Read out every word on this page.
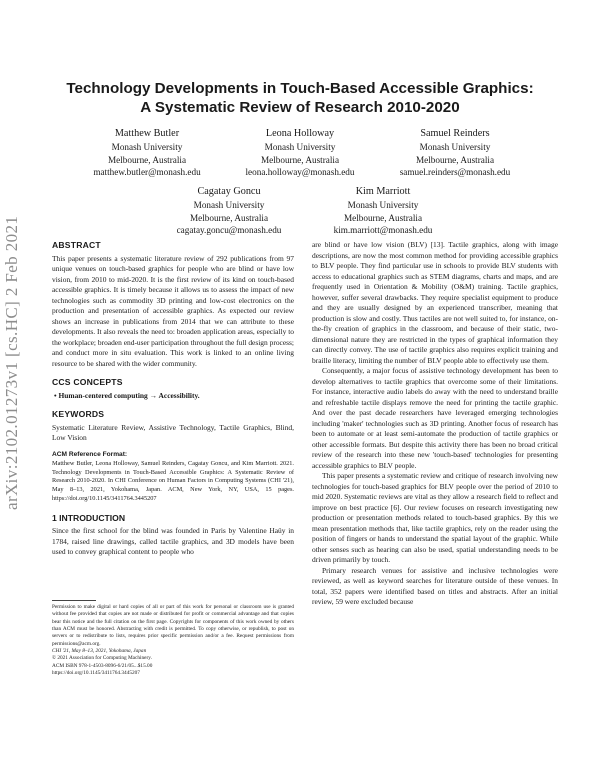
arXiv:2102.01273v1 [cs.HC] 2 Feb 2021
Technology Developments in Touch-Based Accessible Graphics: A Systematic Review of Research 2010-2020
Matthew Butler
Monash University
Melbourne, Australia
matthew.butler@monash.edu
Leona Holloway
Monash University
Melbourne, Australia
leona.holloway@monash.edu
Samuel Reinders
Monash University
Melbourne, Australia
samuel.reinders@monash.edu
Cagatay Goncu
Monash University
Melbourne, Australia
cagatay.goncu@monash.edu
Kim Marriott
Monash University
Melbourne, Australia
kim.marriott@monash.edu
ABSTRACT

This paper presents a systematic literature review of 292 publications from 97 unique venues on touch-based graphics for people who are blind or have low vision, from 2010 to mid-2020. It is the first review of its kind on touch-based accessible graphics. It is timely because it allows us to assess the impact of new technologies such as commodity 3D printing and low-cost electronics on the production and presentation of accessible graphics. As expected our review shows an increase in publications from 2014 that we can attribute to these developments. It also reveals the need to: broaden application areas, especially to the workplace; broaden end-user participation throughout the full design process; and conduct more in situ evaluation. This work is linked to an online living resource to be shared with the wider community.

CCS CONCEPTS

• Human-centered computing → Accessibility.

KEYWORDS

Systematic Literature Review, Assistive Technology, Tactile Graphics, Blind, Low Vision

ACM Reference Format:

Matthew Butler, Leona Holloway, Samuel Reinders, Cagatay Goncu, and Kim Marriott. 2021. Technology Developments in Touch-Based Accessible Graphics: A Systematic Review of Research 2010-2020. In CHI Conference on Human Factors in Computing Systems (CHI '21), May 8–13, 2021, Yokohama, Japan. ACM, New York, NY, USA, 15 pages. https://doi.org/10.1145/3411764.3445207

1 INTRODUCTION

Since the first school for the blind was founded in Paris by Valentine Haüy in 1784, raised line drawings, called tactile graphics, and 3D models have been used to convey graphical content to people who

Permission to make digital or hard copies of all or part of this work for personal or classroom use is granted without fee provided that copies are not made or distributed for profit or commercial advantage and that copies bear this notice and the full citation on the first page. Copyrights for components of this work owned by others than ACM must be honored. Abstracting with credit is permitted. To copy otherwise, or republish, to post on servers or to redistribute to lists, requires prior specific permission and/or a fee. Request permissions from permissions@acm.org.

CHI '21, May 8–13, 2021, Yokohama, Japan

© 2021 Association for Computing Machinery.

ACM ISBN 978-1-4503-8096-6/21/05...$15.00

https://doi.org/10.1145/3411764.3445207

are blind or have low vision (BLV) [13]. Tactile graphics, along with image descriptions, are now the most common method for providing accessible graphics to BLV people. They find particular use in schools to provide BLV students with access to educational graphics such as STEM diagrams, charts and maps, and are frequently used in Orientation & Mobility (O&M) training. Tactile graphics, however, suffer several drawbacks. They require specialist equipment to produce and they are usually designed by an experienced transcriber, meaning that production is slow and costly. Thus tactiles are not well suited to, for instance, on-the-fly creation of graphics in the classroom, and because of their static, two-dimensional nature they are restricted in the types of graphical information they can directly convey. The use of tactile graphics also requires explicit training and braille literacy, limiting the number of BLV people able to effectively use them.

Consequently, a major focus of assistive technology development has been to develop alternatives to tactile graphics that overcome some of their limitations. For instance, interactive audio labels do away with the need to understand braille and refreshable tactile displays remove the need for printing the tactile graphic. And over the past decade researchers have leveraged emerging technologies including 'maker' technologies such as 3D printing. Another focus of research has been to automate or at least semi-automate the production of tactile graphics or other accessible formats. But despite this activity there has been no broad critical review of the research into these new 'touch-based' technologies for presenting accessible graphics to BLV people.

This paper presents a systematic review and critique of research involving new technologies for touch-based graphics for BLV people over the period of 2010 to mid 2020. Systematic reviews are vital as they allow a research field to reflect and improve on best practice [6]. Our review focuses on research investigating new production or presentation methods related to touch-based graphics. By this we mean presentation methods that, like tactile graphics, rely on the reader using the position of fingers or hands to understand the spatial layout of the graphic. While other senses such as hearing can also be used, spatial understanding needs to be driven primarily by touch.

Primary research venues for assistive and inclusive technologies were reviewed, as well as keyword searches for literature outside of these venues. In total, 352 papers were identified based on titles and abstracts. After an initial review, 59 were excluded because
